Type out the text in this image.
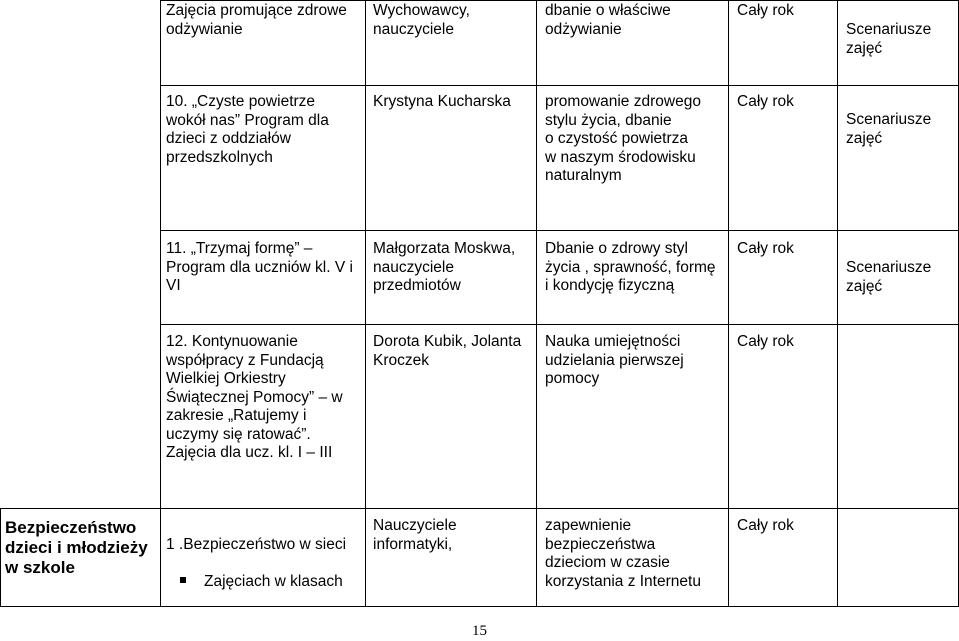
Zajęcia promujące zdrowe
odżywianie
Wychowawcy,
nauczyciele
dbanie o właściwe
odżywianie
Cały rok
Scenariusze
zajęć
10. „Czyste powietrze
wokół nas” Program dla
dzieci z oddziałów
przedszkolnych
Krystyna Kucharska promowanie zdrowego
stylu życia, dbanie
o czystość powietrza
w naszym środowisku
naturalnym
Cały rok
Scenariusze
zajęć
11. „Trzymaj formę” –
Program dla uczniów kl. V i
VI
Małgorzata Moskwa,
nauczyciele
przedmiotów
Dbanie o zdrowy styl
życia , sprawność, formę
i kondycję fizyczną
Cały rok
Scenariusze
zajęć
12. Kontynuowanie
współpracy z Fundacją
Wielkiej Orkiestry
Świątecznej Pomocy” – w
zakresie „Ratujemy i
uczymy się ratować”.
Zajęcia dla ucz. kl. I – III
Dorota Kubik, Jolanta
Kroczek
Nauka umiejętności
udzielania pierwszej
pomocy
Cały rok
Bezpieczeństwo
dzieci i młodzieży
w szkole

1 .Bezpieczeństwo w sieci

Zajęciach w klasach

Nauczyciele
informatyki,
zapewnienie
bezpieczeństwa
dzieciom w czasie
korzystania z Internetu
Cały rok
15
